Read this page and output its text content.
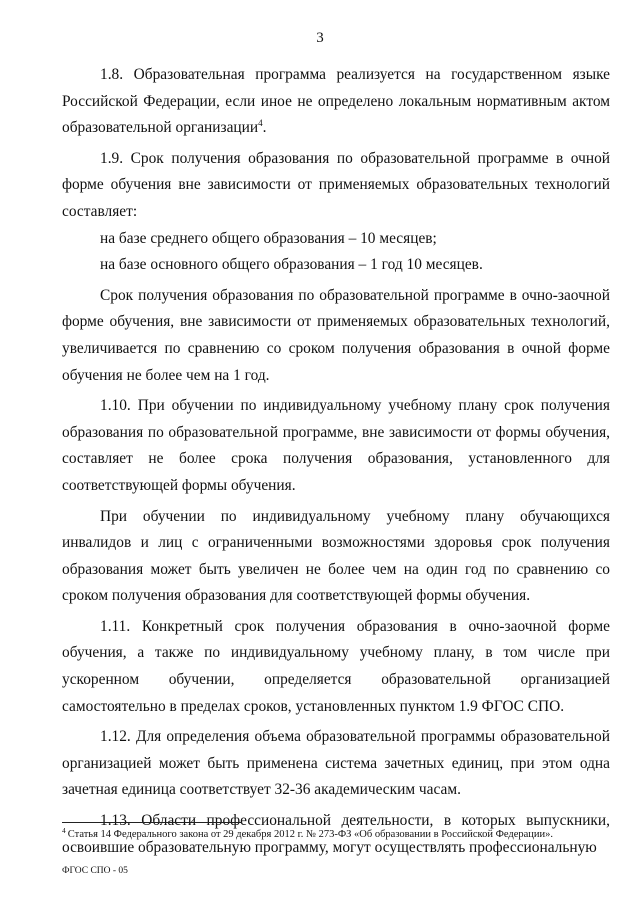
3

1.8. Образовательная программа реализуется на государственном языке Российской Федерации, если иное не определено локальным нормативным актом образовательной организации$^4$.

1.9. Срок получения образования по образовательной программе в очной форме обучения вне зависимости от применяемых образовательных технологий составляет:

на базе среднего общего образования – 10 месяцев;

на базе основного общего образования – 1 год 10 месяцев.

Срок получения образования по образовательной программе в очно-заочной форме обучения, вне зависимости от применяемых образовательных технологий, увеличивается по сравнению со сроком получения образования в очной форме обучения не более чем на 1 год.

1.10. При обучении по индивидуальному учебному плану срок получения образования по образовательной программе, вне зависимости от формы обучения, составляет не более срока получения образования, установленного для соответствующей формы обучения.

При обучении по индивидуальному учебному плану обучающихся инвалидов и лиц с ограниченными возможностями здоровья срок получения образования может быть увеличен не более чем на один год по сравнению со сроком получения образования для соответствующей формы обучения.

1.11. Конкретный срок получения образования в очно-заочной форме обучения, а также по индивидуальному учебному плану, в том числе при ускоренном обучении, определяется образовательной организацией самостоятельно в пределах сроков, установленных пунктом 1.9 ФГОС СПО.

1.12. Для определения объема образовательной программы образовательной организацией может быть применена система зачетных единиц, при этом одна зачетная единица соответствует 32-36 академическим часам.

1.13. Области профессиональной деятельности, в которых выпускники, освоившие образовательную программу, могут осуществлять профессиональную

$^4$ Статья 14 Федерального закона от 29 декабря 2012 г. № 273-ФЗ «Об образовании в Российской Федерации».
ФГОС СПО - 05
